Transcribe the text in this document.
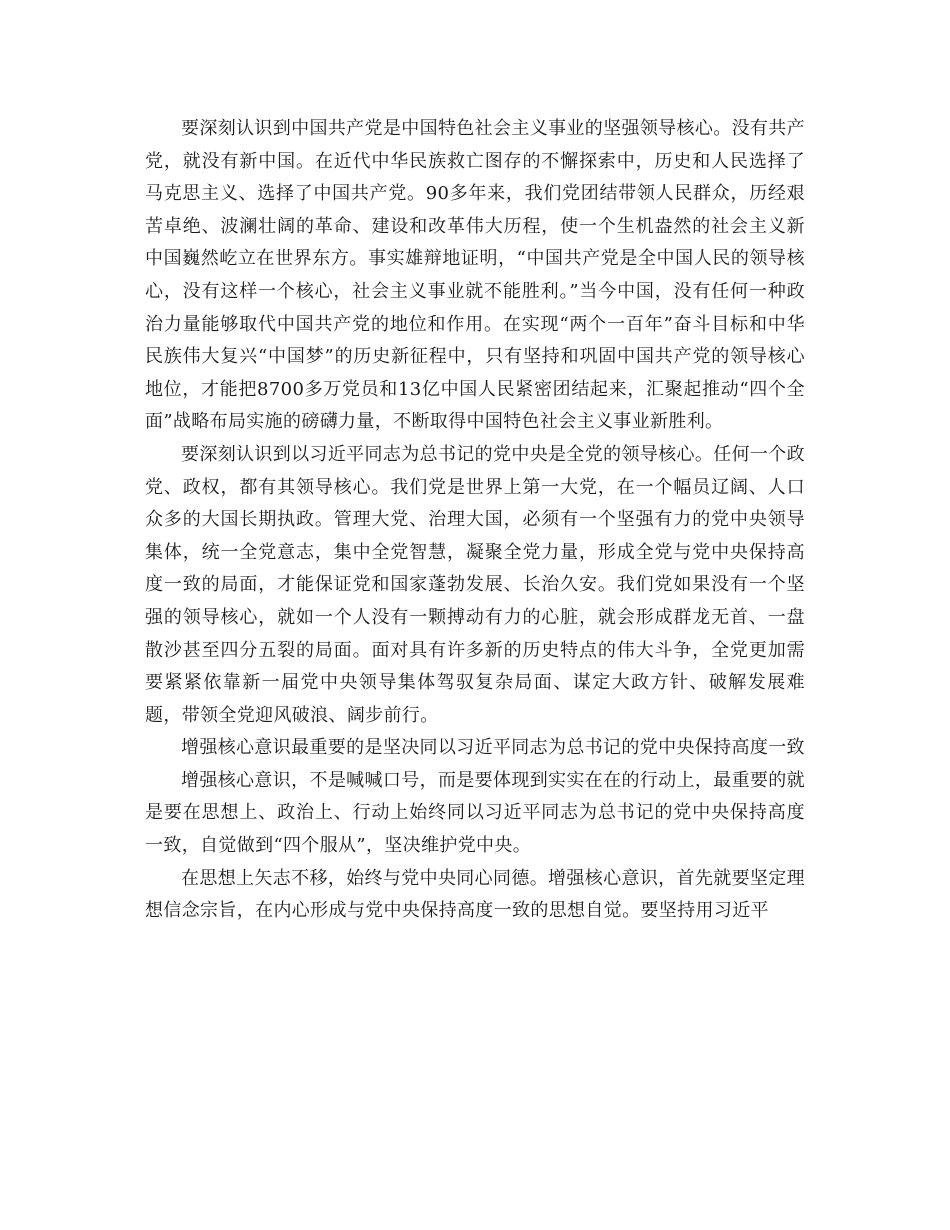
要深刻认识到中国共产党是中国特色社会主义事业的坚强领导核心。没有共产党，就没有新中国。在近代中华民族救亡图存的不懈探索中，历史和人民选择了马克思主义、选择了中国共产党。90多年来，我们党团结带领人民群众，历经艰苦卓绝、波澜壮阔的革命、建设和改革伟大历程，使一个生机盎然的社会主义新中国巍然屹立在世界东方。事实雄辩地证明，“中国共产党是全中国人民的领导核心，没有这样一个核心，社会主义事业就不能胜利。”当今中国，没有任何一种政治力量能够取代中国共产党的地位和作用。在实现“两个一百年”奋斗目标和中华民族伟大复兴“中国梦”的历史新征程中，只有坚持和巩固中国共产党的领导核心地位，才能把8700多万党员和13亿中国人民紧密团结起来，汇聚起推动“四个全面”战略布局实施的磅礴力量，不断取得中国特色社会主义事业新胜利。

要深刻认识到以习近平同志为总书记的党中央是全党的领导核心。任何一个政党、政权，都有其领导核心。我们党是世界上第一大党，在一个幅员辽阔、人口众多的大国长期执政。管理大党、治理大国，必须有一个坚强有力的党中央领导集体，统一全党意志，集中全党智慧，凝聚全党力量，形成全党与党中央保持高度一致的局面，才能保证党和国家蓬勃发展、长治久安。我们党如果没有一个坚强的领导核心，就如一个人没有一颗搏动有力的心脏，就会形成群龙无首、一盘散沙甚至四分五裂的局面。面对具有许多新的历史特点的伟大斗争，全党更加需要紧紧依靠新一届党中央领导集体驾驭复杂局面、谋定大政方针、破解发展难题，带领全党迎风破浪、阔步前行。

增强核心意识最重要的是坚决同以习近平同志为总书记的党中央保持高度一致

增强核心意识，不是喊喊口号，而是要体现到实实在在的行动上，最重要的就是要在思想上、政治上、行动上始终同以习近平同志为总书记的党中央保持高度一致，自觉做到“四个服从”，坚决维护党中央。

在思想上矢志不移，始终与党中央同心同德。增强核心意识，首先就要坚定理想信念宗旨，在内心形成与党中央保持高度一致的思想自觉。要坚持用习近平
